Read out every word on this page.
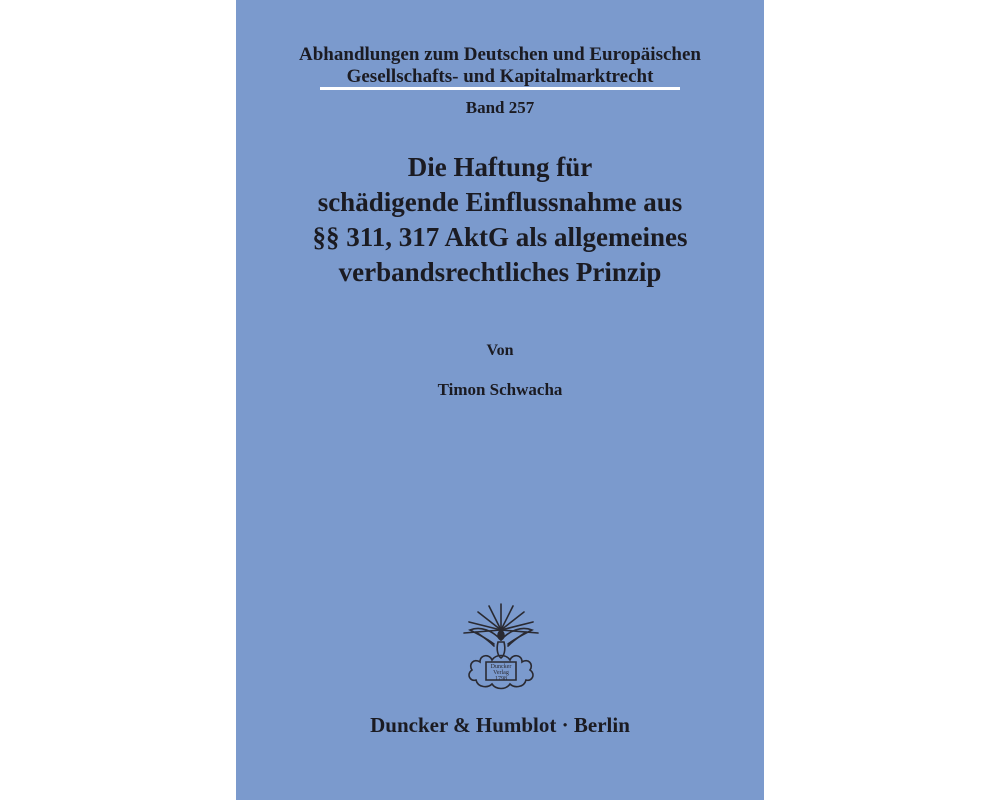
Abhandlungen zum Deutschen und Europäischen
Gesellschafts- und Kapitalmarktrecht
Band 257
Die Haftung für
schädigende Einflussnahme aus
§§ 311, 317 AktG als allgemeines
verbandsrechtliches Prinzip
Von
Timon Schwacha
Duncker
Verlag
1798
Duncker & Humblot · Berlin
